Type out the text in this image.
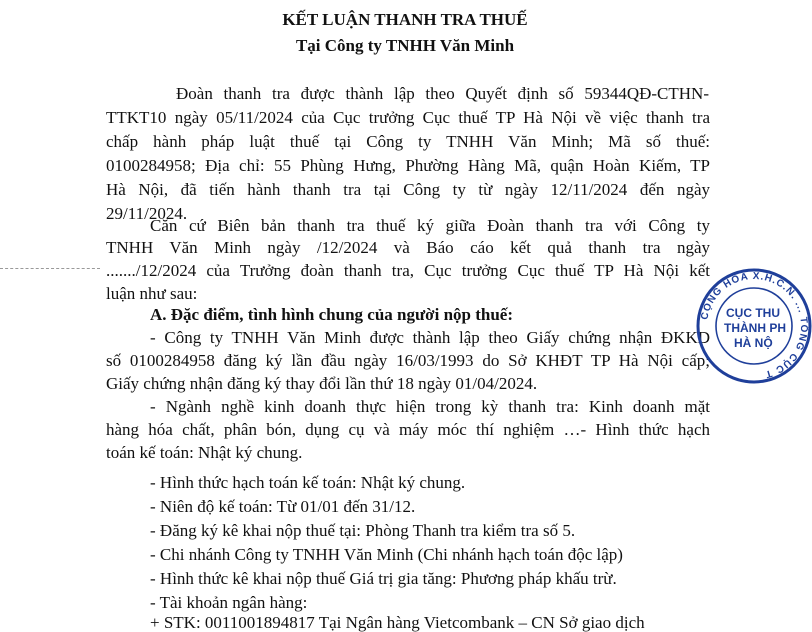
KẾT LUẬN THANH TRA THUẾ
Tại Công ty TNHH Văn Minh
Đoàn thanh tra được thành lập theo Quyết định số 59344QĐ-CTHN-
TTKT10 ngày 05/11/2024 của Cục trưởng Cục thuế TP Hà Nội về việc thanh tra
chấp hành pháp luật thuế tại Công ty TNHH Văn Minh; Mã số thuế:
0100284958; Địa chỉ: 55 Phùng Hưng, Phường Hàng Mã, quận Hoàn Kiếm, TP
Hà Nội, đã tiến hành thanh tra tại Công ty từ ngày 12/11/2024 đến ngày
29/11/2024.
Căn cứ Biên bản thanh tra thuế ký giữa Đoàn thanh tra với Công ty
TNHH Văn Minh ngày /12/2024 và Báo cáo kết quả thanh tra ngày
......./12/2024 của Trưởng đoàn thanh tra, Cục trưởng Cục thuế TP Hà Nội kết
luận như sau:
A. Đặc điểm, tình hình chung của người nộp thuế:
- Công ty TNHH Văn Minh được thành lập theo Giấy chứng nhận ĐKKD
số 0100284958 đăng ký lần đầu ngày 16/03/1993 do Sở KHĐT TP Hà Nội cấp;
Giấy chứng nhận đăng ký thay đổi lần thứ 18 ngày 01/04/2024.
- Ngành nghề kinh doanh thực hiện trong kỳ thanh tra: Kinh doanh mặt
hàng hóa chất, phân bón, dụng cụ và máy móc thí nghiệm …- Hình thức hạch
toán kế toán: Nhật ký chung.
- Hình thức hạch toán kế toán: Nhật ký chung.
- Niên độ kế toán: Từ 01/01 đến 31/12.
- Đăng ký kê khai nộp thuế tại: Phòng Thanh tra kiểm tra số 5.
- Chi nhánh Công ty TNHH Văn Minh (Chi nhánh hạch toán độc lập)
- Hình thức kê khai nộp thuế Giá trị gia tăng: Phương pháp khấu trừ.
- Tài khoản ngân hàng:
+ STK: 0011001894817 Tại Ngân hàng Vietcombank – CN Sở giao dịch
CỘNG HÒA X.H.C.N. ... TỔNG CỤC T
CỤC THU
THÀNH PH
HÀ NỘ
